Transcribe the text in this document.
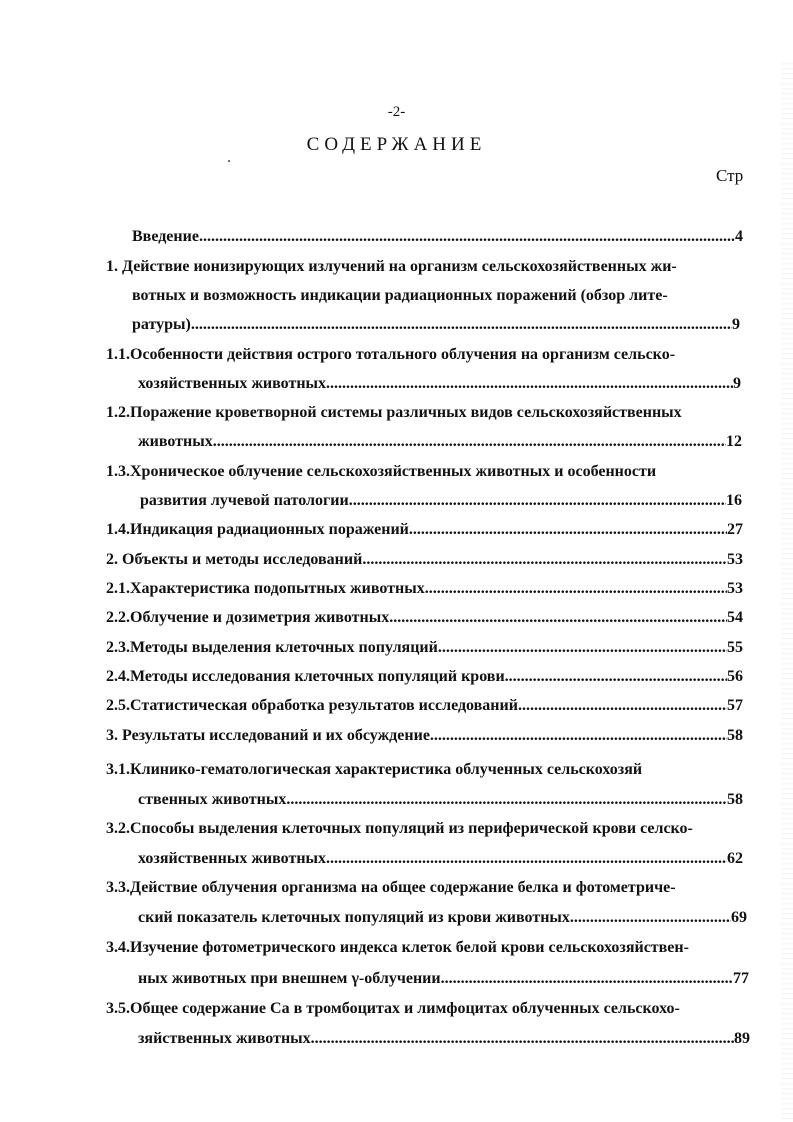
-2-
СОДЕРЖАНИЕ
Стр
Введение .....	4
1. Действие ионизирующих излучений на организм сельскохозяйственных жи-
вотных и возможность индикации радиационных поражений (обзор лите-
ратуры) .....	9
1.1.Особенности действия острого тотального облучения на организм сельско-
хозяйственных животных .....	9
1.2.Поражение кроветворной системы различных видов сельскохозяйственных
животных .....	12
1.3.Хроническое облучение сельскохозяйственных животных и особенности
развития лучевой патологии .....	16
1.4.Индикация радиационных поражений .....	27
2. Объекты и методы исследований .....	53
2.1.Характеристика подопытных животных .....	53
2.2.Облучение и дозиметрия животных .....	54
2.3.Методы выделения клеточных популяций .....	55
2.4.Методы исследования клеточных популяций крови .....	56
2.5.Статистическая обработка результатов исследований .....	57
3. Результаты исследований и их обсуждение .....	58
3.1.Клинико-гематологическая характеристика облученных сельскохозяй
ственных животных .....	58
3.2.Способы выделения клеточных популяций из периферической крови селско-
хозяйственных животных .....	62
3.3.Действие облучения организма на общее содержание белка и фотометриче-
ский показатель клеточных популяций из крови животных .....	69
3.4.Изучение фотометрического индекса клеток белой крови сельскохозяйствен-
ных животных при внешнем γ-облучении .....	77
3.5.Общее содержание Са в тромбоцитах и лимфоцитах облученных сельскохо-
зяйственных животных .....	89
